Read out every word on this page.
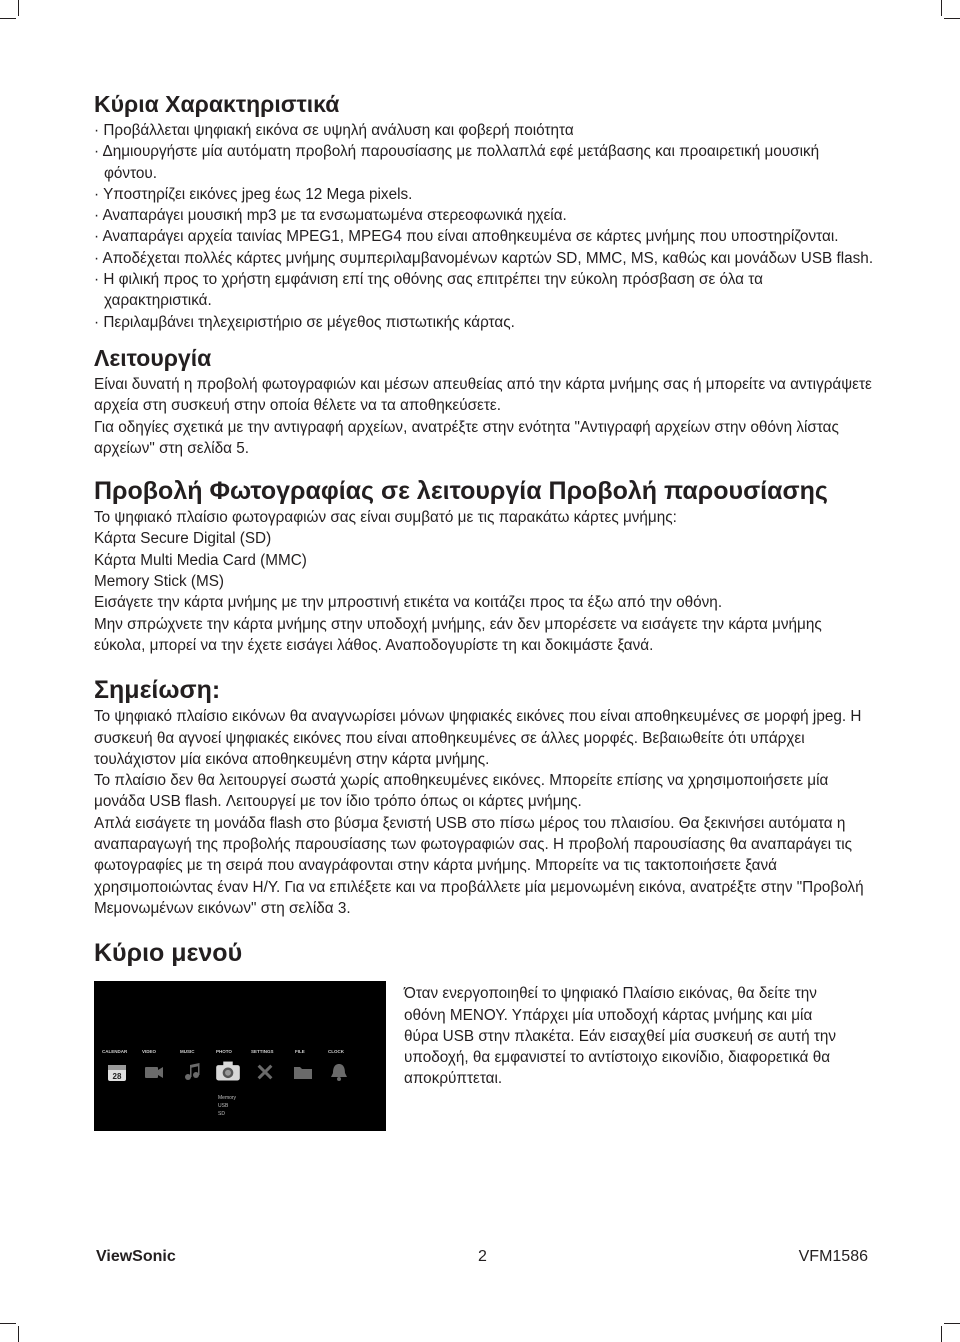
Κύρια Χαρακτηριστικά
· Προβάλλεται ψηφιακή εικόνα σε υψηλή ανάλυση και φοβερή ποιότητα
· Δημιουργήστε μία αυτόματη προβολή παρουσίασης με πολλαπλά εφέ μετάβασης και προαιρετική μουσική φόντου.
· Υποστηρίζει εικόνες jpeg έως 12 Mega pixels.
· Αναπαράγει μουσική mp3 με τα ενσωματωμένα στερεοφωνικά ηχεία.
· Αναπαράγει αρχεία ταινίας MPEG1, MPEG4 που είναι αποθηκευμένα σε κάρτες μνήμης που υποστηρίζονται.
· Αποδέχεται πολλές κάρτες μνήμης συμπεριλαμβανομένων καρτών SD, MMC, MS, καθώς και μονάδων USB flash.
· Η φιλική προς το χρήστη εμφάνιση επί της οθόνης σας επιτρέπει την εύκολη πρόσβαση σε όλα τα χαρακτηριστικά.
· Περιλαμβάνει τηλεχειριστήριο σε μέγεθος πιστωτικής κάρτας.
Λειτουργία

Είναι δυνατή η προβολή φωτογραφιών και μέσων απευθείας από την κάρτα μνήμης σας ή μπορείτε να αντιγράψετε αρχεία στη συσκευή στην οποία θέλετε να τα αποθηκεύσετε.

Για οδηγίες σχετικά με την αντιγραφή αρχείων, ανατρέξτε στην ενότητα "Αντιγραφή αρχείων στην οθόνη λίστας αρχείων" στη σελίδα 5.

Προβολή Φωτογραφίας σε λειτουργία Προβολή παρουσίασης

Το ψηφιακό πλαίσιο φωτογραφιών σας είναι συμβατό με τις παρακάτω κάρτες μνήμης:

Κάρτα Secure Digital (SD)

Κάρτα Multi Media Card (MMC)

Memory Stick (MS)

Εισάγετε την κάρτα μνήμης με την μπροστινή ετικέτα να κοιτάζει προς τα έξω από την οθόνη.

Μην σπρώχνετε την κάρτα μνήμης στην υποδοχή μνήμης, εάν δεν μπορέσετε να εισάγετε την κάρτα μνήμης εύκολα, μπορεί να την έχετε εισάγει λάθος. Αναποδογυρίστε τη και δοκιμάστε ξανά.

Σημείωση:

Το ψηφιακό πλαίσιο εικόνων θα αναγνωρίσει μόνων ψηφιακές εικόνες που είναι αποθηκευμένες σε μορφή jpeg. Η συσκευή θα αγνοεί ψηφιακές εικόνες που είναι αποθηκευμένες σε άλλες μορφές. Βεβαιωθείτε ότι υπάρχει τουλάχιστον μία εικόνα αποθηκευμένη στην κάρτα μνήμης.

Το πλαίσιο δεν θα λειτουργεί σωστά χωρίς αποθηκευμένες εικόνες. Μπορείτε επίσης να χρησιμοποιήσετε μία μονάδα USB flash. Λειτουργεί με τον ίδιο τρόπο όπως οι κάρτες μνήμης.

Απλά εισάγετε τη μονάδα flash στο βύσμα ξενιστή USB στο πίσω μέρος του πλαισίου. Θα ξεκινήσει αυτόματα η αναπαραγωγή της προβολής παρουσίασης των φωτογραφιών σας. Η προβολή παρουσίασης θα αναπαράγει τις φωτογραφίες με τη σειρά που αναγράφονται στην κάρτα μνήμης. Μπορείτε να τις τακτοποιήσετε ξανά χρησιμοποιώντας έναν Η/Υ. Για να επιλέξετε και να προβάλλετε μία μεμονωμένη εικόνα, ανατρέξτε στην "Προβολή Μεμονωμένων εικόνων" στη σελίδα 3.

Κύριο μενού
CALENDAR	VIDEO	MUSIC	PHOTO	SETTINGS	FILE	CLOCK
28
Memory
USB
SD

Όταν ενεργοποιηθεί το ψηφιακό Πλαίσιο εικόνας, θα δείτε την οθόνη ΜΕΝΟΥ. Υπάρχει μία υποδοχή κάρτας μνήμης και μία θύρα USB στην πλακέτα. Εάν εισαχθεί μία συσκευή σε αυτή την υποδοχή, θα εμφανιστεί το αντίστοιχο εικονίδιο, διαφορετικά θα αποκρύπτεται.

ViewSonic	2	VFM1586
